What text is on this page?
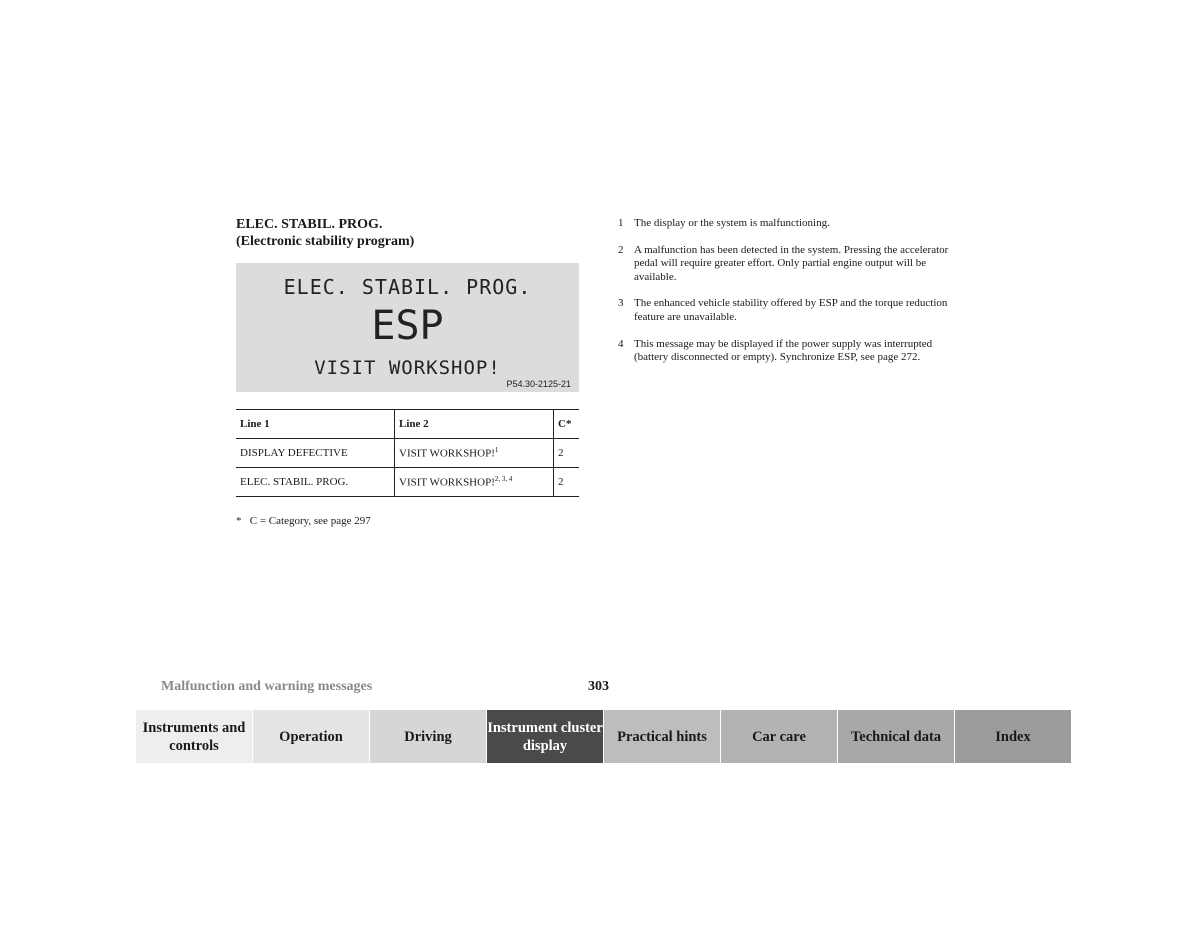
ELEC. STABIL. PROG.
(Electronic stability program)
ELEC. STABIL. PROG.
ESP
VISIT WORKSHOP!
P54.30-2125-21
Line 1	Line 2	C*
DISPLAY DEFECTIVE	VISIT WORKSHOP!$^1$	2
ELEC. STABIL. PROG.	VISIT WORKSHOP!$^{2, 3, 4}$	2
* C = Category, see page 297
1 The display or the system is malfunctioning.
2 A malfunction has been detected in the system. Pressing the accelerator pedal will require greater effort. Only partial engine output will be available.
3 The enhanced vehicle stability offered by ESP and the torque reduction feature are unavailable.
4 This message may be displayed if the power supply was interrupted (battery disconnected or empty). Synchronize ESP, see page 272.
Malfunction and warning messages	303
Instruments and controls
Operation	Driving
Instrument cluster display
Practical hints	Car care	Technical data	Index
